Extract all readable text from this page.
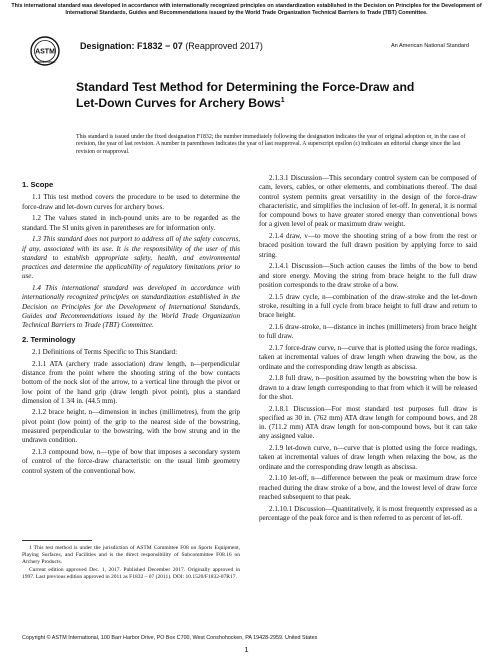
This international standard was developed in accordance with internationally recognized principles on standardization established in the Decision on Principles for the Development of International Standards, Guides and Recommendations issued by the World Trade Organization Technical Barriers to Trade (TBT) Committee.
ASTM
INTERNATIONAL
Designation: F1832 − 07 (Reapproved 2017)	An American National Standard
Standard Test Method for Determining the Force-Draw and Let-Down Curves for Archery Bows$^1$
This standard is issued under the fixed designation F1832; the number immediately following the designation indicates the year of original adoption or, in the case of revision, the year of last revision. A number in parentheses indicates the year of last reapproval. A superscript epsilon (ε) indicates an editorial change since the last revision or reapproval.
1. Scope

1.1 This test method covers the procedure to be used to determine the force-draw and let-down curves for archery bows.

1.2 The values stated in inch-pound units are to be regarded as the standard. The SI units given in parentheses are for information only.

1.3 This standard does not purport to address all of the safety concerns, if any, associated with its use. It is the responsibility of the user of this standard to establish appropriate safety, health, and environmental practices and determine the applicability of regulatory limitations prior to use.

1.4 This international standard was developed in accordance with internationally recognized principles on standardization established in the Decision on Principles for the Development of International Standards, Guides and Recommendations issued by the World Trade Organization Technical Barriers to Trade (TBT) Committee.

2. Terminology

2.1 Definitions of Terms Specific to This Standard:

2.1.1 ATA (archery trade association) draw length, n—perpendicular distance from the point where the shooting string of the bow contacts bottom of the nock slot of the arrow, to a vertical line through the pivot or low point of the hand grip (draw length pivot point), plus a standard dimension of 1 3⁄4 in. (44.5 mm).

2.1.2 brace height, n—dimension in inches (millimetres), from the grip pivot point (low point) of the grip to the nearest side of the bowstring, measured perpendicular to the bowstring, with the bow strung and in the undrawn condition.

2.1.3 compound bow, n—type of bow that imposes a secondary system of control of the force-draw characteristic on the usual limb geometry control system of the conventional bow.

1 This test method is under the jurisdiction of ASTM Committee F08 on Sports Equipment, Playing Surfaces, and Facilities and is the direct responsibility of Subcommittee F08.16 on Archery Products.

Current edition approved Dec. 1, 2017. Published December 2017. Originally approved in 1997. Last previous edition approved in 2011 as F1832 – 07 (2011). DOI: 10.1520/F1832-07R17.

2.1.3.1 Discussion—This secondary control system can be composed of cam, levers, cables, or other elements, and combinations thereof. The dual control system permits great versatility in the design of the force-draw characteristic, and simplifies the inclusion of let-off. In general, it is normal for compound bows to have greater stored energy than conventional bows for a given level of peak or maximum draw weight.

2.1.4 draw, v—to move the shooting string of a bow from the rest or braced position toward the full drawn position by applying force to said string.

2.1.4.1 Discussion—Such action causes the limbs of the bow to bend and store energy. Moving the string from brace height to the full draw position corresponds to the draw stroke of a bow.

2.1.5 draw cycle, n—combination of the draw-stroke and the let-down stroke, resulting in a full cycle from brace height to full draw and return to brace height.

2.1.6 draw-stroke, n—distance in inches (millimeters) from brace height to full draw.

2.1.7 force-draw curve, n—curve that is plotted using the force readings, taken at incremental values of draw length when drawing the bow, as the ordinate and the corresponding draw length as abscissa.

2.1.8 full draw, n—position assumed by the bowstring when the bow is drawn to a draw length corresponding to that from which it will be released for the shot.

2.1.8.1 Discussion—For most standard test purposes full draw is specified as 30 in. (762 mm) ATA draw length for compound bows, and 28 in. (711.2 mm) ATA draw length for non-compound bows, but it can take any assigned value.

2.1.9 let-down curve, n—curve that is plotted using the force readings, taken at incremental values of draw length when relaxing the bow, as the ordinate and the corresponding draw length as abscissa.

2.1.10 let-off, n—difference between the peak or maximum draw force reached during the draw stroke of a bow, and the lowest level of draw force reached subsequent to that peak.

2.1.10.1 Discussion—Quantitatively, it is most frequently expressed as a percentage of the peak force and is then referred to as percent of let-off.

Copyright © ASTM International, 100 Barr Harbor Drive, PO Box C700, West Conshohocken, PA 19428-2959. United States
1
